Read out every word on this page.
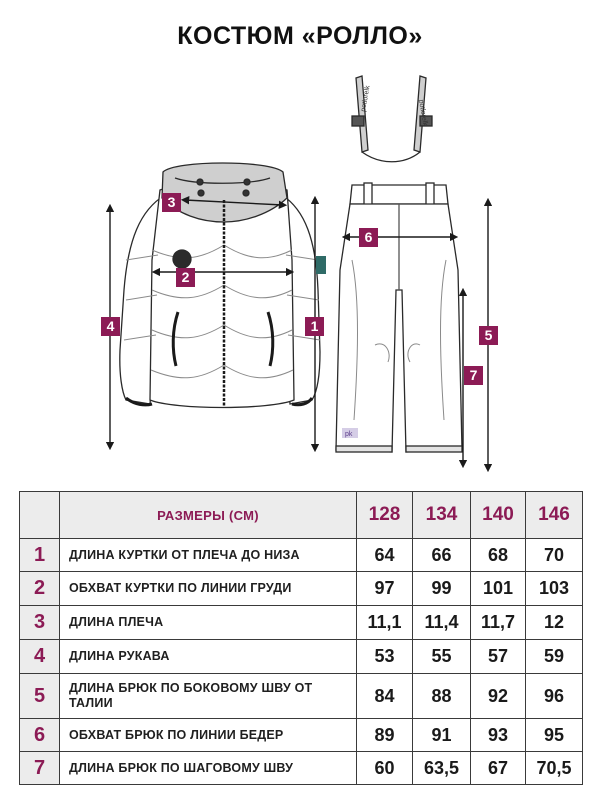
КОСТЮМ «РОЛЛО»
potlorelk
potlorelk
pk
3
2
4	1
6
5
7
	РАЗМЕРЫ (СМ)	128	134	140	146
1	ДЛИНА КУРТКИ ОТ ПЛЕЧА ДО НИЗА	64	66	68	70
2	ОБХВАТ КУРТКИ ПО ЛИНИИ ГРУДИ	97	99	101	103
3	ДЛИНА ПЛЕЧА	11,1	11,4	11,7	12
4	ДЛИНА РУКАВА	53	55	57	59
5	ДЛИНА БРЮК ПО БОКОВОМУ ШВУ ОТ ТАЛИИ	84	88	92	96
6	ОБХВАТ БРЮК ПО ЛИНИИ БЕДЕР	89	91	93	95
7	ДЛИНА БРЮК ПО ШАГОВОМУ ШВУ	60	63,5	67	70,5
